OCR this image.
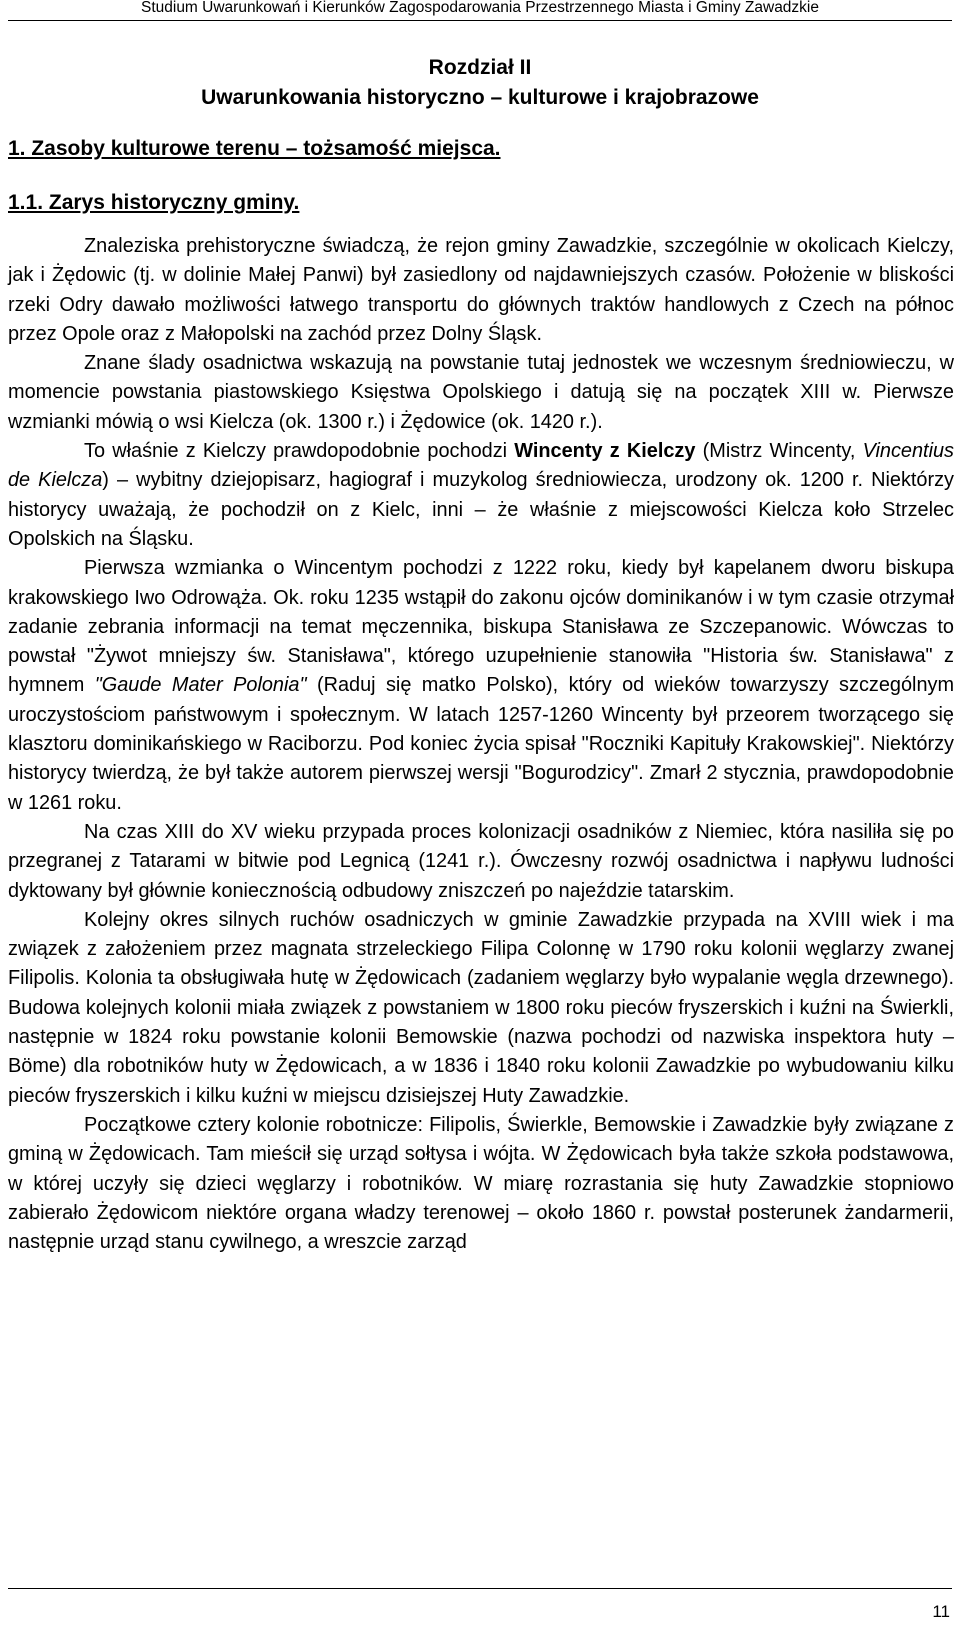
Studium Uwarunkowań i Kierunków Zagospodarowania Przestrzennego Miasta i Gminy Zawadzkie
Rozdział II
Uwarunkowania historyczno – kulturowe i krajobrazowe
1. Zasoby kulturowe terenu – tożsamość miejsca.
1.1. Zarys historyczny gminy.

Znaleziska prehistoryczne świadczą, że rejon gminy Zawadzkie, szczególnie w okolicach Kielczy, jak i Żędowic (tj. w dolinie Małej Panwi) był zasiedlony od najdawniejszych czasów. Położenie w bliskości rzeki Odry dawało możliwości łatwego transportu do głównych traktów handlowych z Czech na północ przez Opole oraz z Małopolski na zachód przez Dolny Śląsk.

Znane ślady osadnictwa wskazują na powstanie tutaj jednostek we wczesnym średniowieczu, w momencie powstania piastowskiego Księstwa Opolskiego i datują się na początek XIII w. Pierwsze wzmianki mówią o wsi Kielcza (ok. 1300 r.) i Żędowice (ok. 1420 r.).

To właśnie z Kielczy prawdopodobnie pochodzi Wincenty z Kielczy (Mistrz Wincenty, Vincentius de Kielcza) – wybitny dziejopisarz, hagiograf i muzykolog średniowiecza, urodzony ok. 1200 r. Niektórzy historycy uważają, że pochodził on z Kielc, inni – że właśnie z miejscowości Kielcza koło Strzelec Opolskich na Śląsku.

Pierwsza wzmianka o Wincentym pochodzi z 1222 roku, kiedy był kapelanem dworu biskupa krakowskiego Iwo Odrowąża. Ok. roku 1235 wstąpił do zakonu ojców dominikanów i w tym czasie otrzymał zadanie zebrania informacji na temat męczennika, biskupa Stanisława ze Szczepanowic. Wówczas to powstał "Żywot mniejszy św. Stanisława", którego uzupełnienie stanowiła "Historia św. Stanisława" z hymnem "Gaude Mater Polonia" (Raduj się matko Polsko), który od wieków towarzyszy szczególnym uroczystościom państwowym i społecznym. W latach 1257-1260 Wincenty był przeorem tworzącego się klasztoru dominikańskiego w Raciborzu. Pod koniec życia spisał "Roczniki Kapituły Krakowskiej". Niektórzy historycy twierdzą, że był także autorem pierwszej wersji "Bogurodzicy". Zmarł 2 stycznia, prawdopodobnie w 1261 roku.

Na czas XIII do XV wieku przypada proces kolonizacji osadników z Niemiec, która nasiliła się po przegranej z Tatarami w bitwie pod Legnicą (1241 r.). Ówczesny rozwój osadnictwa i napływu ludności dyktowany był głównie koniecznością odbudowy zniszczeń po najeździe tatarskim.

Kolejny okres silnych ruchów osadniczych w gminie Zawadzkie przypada na XVIII wiek i ma związek z założeniem przez magnata strzeleckiego Filipa Colonnę w 1790 roku kolonii węglarzy zwanej Filipolis. Kolonia ta obsługiwała hutę w Żędowicach (zadaniem węglarzy było wypalanie węgla drzewnego). Budowa kolejnych kolonii miała związek z powstaniem w 1800 roku pieców fryszerskich i kuźni na Świerkli, następnie w 1824 roku powstanie kolonii Bemowskie (nazwa pochodzi od nazwiska inspektora huty – Böme) dla robotników huty w Żędowicach, a w 1836 i 1840 roku kolonii Zawadzkie po wybudowaniu kilku pieców fryszerskich i kilku kuźni w miejscu dzisiejszej Huty Zawadzkie.

Początkowe cztery kolonie robotnicze: Filipolis, Świerkle, Bemowskie i Zawadzkie były związane z gminą w Żędowicach. Tam mieścił się urząd sołtysa i wójta. W Żędowicach była także szkoła podstawowa, w której uczyły się dzieci węglarzy i robotników. W miarę rozrastania się huty Zawadzkie stopniowo zabierało Żędowicom niektóre organa władzy terenowej – około 1860 r. powstał posterunek żandarmerii, następnie urząd stanu cywilnego, a wreszcie zarząd

11
